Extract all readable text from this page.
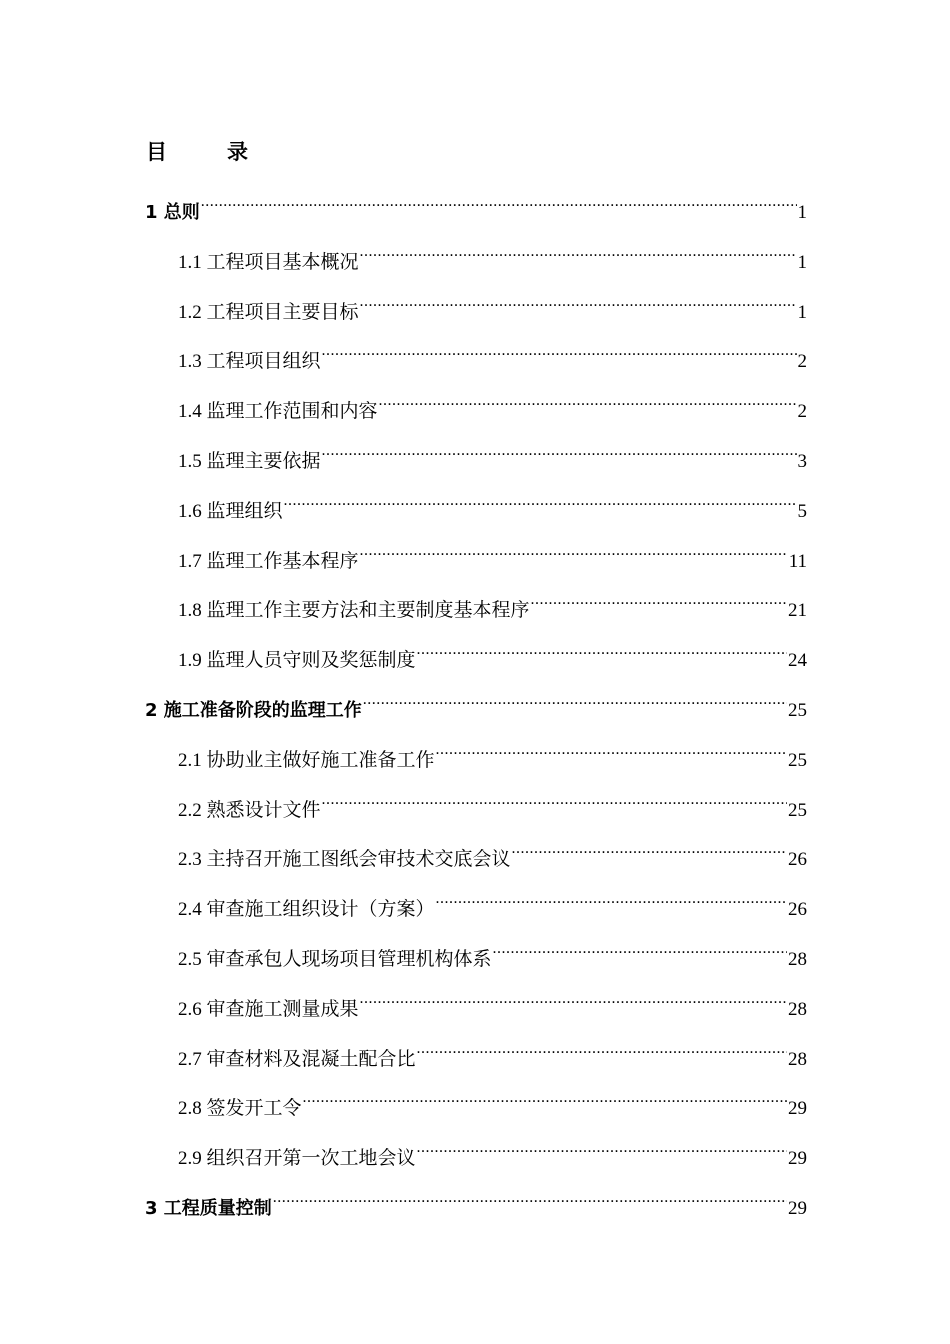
目	录
1 总则 .....	1
1.1 工程项目基本概况 .....	1
1.2 工程项目主要目标 .....	1
1.3 工程项目组织 .....	2
1.4 监理工作范围和内容 .....	2
1.5 监理主要依据 .....	3
1.6 监理组织 .....	5
1.7 监理工作基本程序 .....	11
1.8 监理工作主要方法和主要制度基本程序 .....	21
1.9 监理人员守则及奖惩制度 .....	24
2 施工准备阶段的监理工作 .....	25
2.1 协助业主做好施工准备工作 .....	25
2.2 熟悉设计文件 .....	25
2.3 主持召开施工图纸会审技术交底会议 .....	26
2.4 审查施工组织设计（方案） .....	26
2.5 审查承包人现场项目管理机构体系 .....	28
2.6 审查施工测量成果 .....	28
2.7 审查材料及混凝土配合比 .....	28
2.8 签发开工令 .....	29
2.9 组织召开第一次工地会议 .....	29
3 工程质量控制 .....	29
